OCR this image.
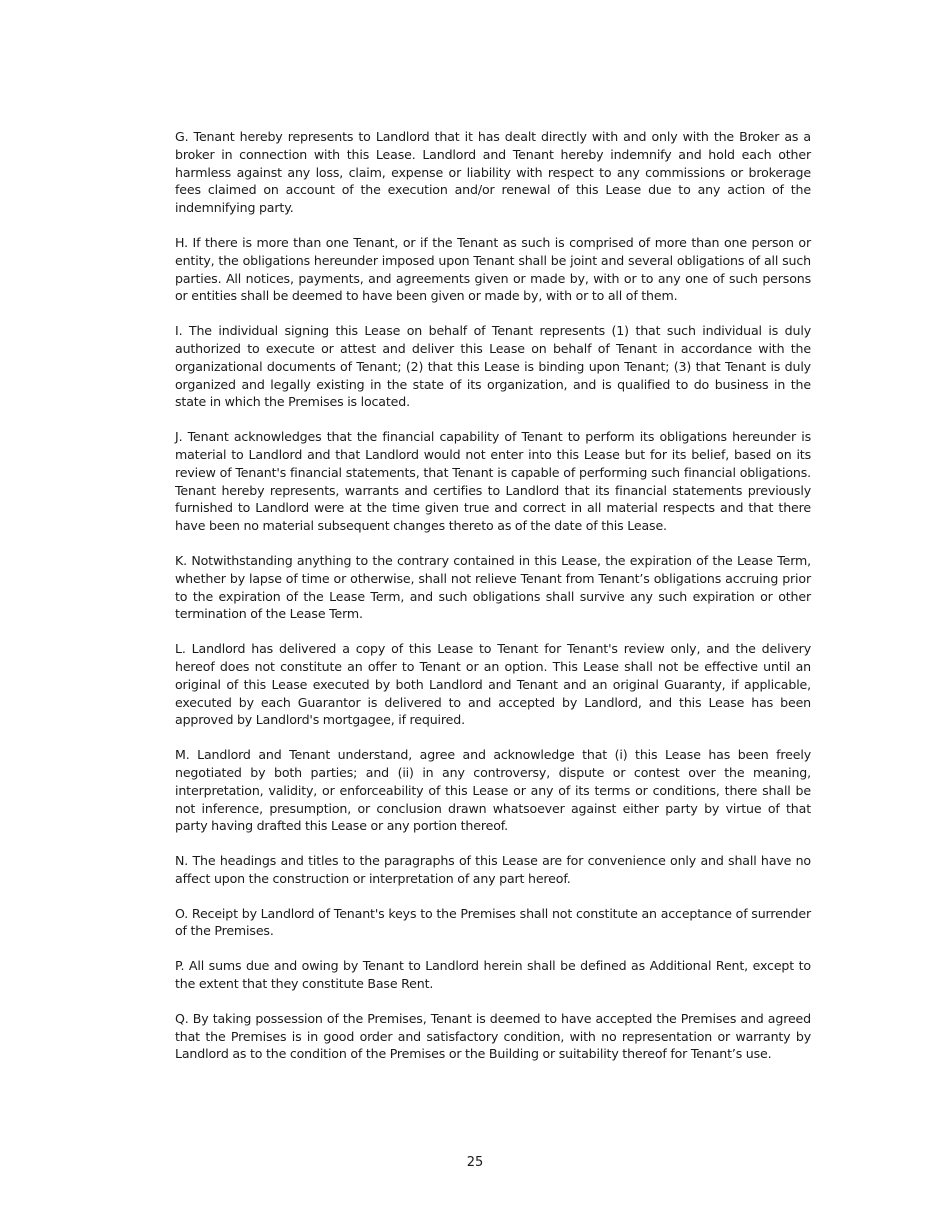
G. Tenant hereby represents to Landlord that it has dealt directly with and only with the Broker as a broker in connection with this Lease. Landlord and Tenant hereby indemnify and hold each other harmless against any loss, claim, expense or liability with respect to any commissions or brokerage fees claimed on account of the execution and/or renewal of this Lease due to any action of the indemnifying party.

H. If there is more than one Tenant, or if the Tenant as such is comprised of more than one person or entity, the obligations hereunder imposed upon Tenant shall be joint and several obligations of all such parties. All notices, payments, and agreements given or made by, with or to any one of such persons or entities shall be deemed to have been given or made by, with or to all of them.

I. The individual signing this Lease on behalf of Tenant represents (1) that such individual is duly authorized to execute or attest and deliver this Lease on behalf of Tenant in accordance with the organizational documents of Tenant; (2) that this Lease is binding upon Tenant; (3) that Tenant is duly organized and legally existing in the state of its organization, and is qualified to do business in the state in which the Premises is located.

J. Tenant acknowledges that the financial capability of Tenant to perform its obligations hereunder is material to Landlord and that Landlord would not enter into this Lease but for its belief, based on its review of Tenant's financial statements, that Tenant is capable of performing such financial obligations. Tenant hereby represents, warrants and certifies to Landlord that its financial statements previously furnished to Landlord were at the time given true and correct in all material respects and that there have been no material subsequent changes thereto as of the date of this Lease.

K. Notwithstanding anything to the contrary contained in this Lease, the expiration of the Lease Term, whether by lapse of time or otherwise, shall not relieve Tenant from Tenant’s obligations accruing prior to the expiration of the Lease Term, and such obligations shall survive any such expiration or other termination of the Lease Term.

L. Landlord has delivered a copy of this Lease to Tenant for Tenant's review only, and the delivery hereof does not constitute an offer to Tenant or an option. This Lease shall not be effective until an original of this Lease executed by both Landlord and Tenant and an original Guaranty, if applicable, executed by each Guarantor is delivered to and accepted by Landlord, and this Lease has been approved by Landlord's mortgagee, if required.

M. Landlord and Tenant understand, agree and acknowledge that (i) this Lease has been freely negotiated by both parties; and (ii) in any controversy, dispute or contest over the meaning, interpretation, validity, or enforceability of this Lease or any of its terms or conditions, there shall be not inference, presumption, or conclusion drawn whatsoever against either party by virtue of that party having drafted this Lease or any portion thereof.

N. The headings and titles to the paragraphs of this Lease are for convenience only and shall have no affect upon the construction or interpretation of any part hereof.

O. Receipt by Landlord of Tenant's keys to the Premises shall not constitute an acceptance of surrender of the Premises.

P. All sums due and owing by Tenant to Landlord herein shall be defined as Additional Rent, except to the extent that they constitute Base Rent.

Q. By taking possession of the Premises, Tenant is deemed to have accepted the Premises and agreed that the Premises is in good order and satisfactory condition, with no representation or warranty by Landlord as to the condition of the Premises or the Building or suitability thereof for Tenant’s use.

25
